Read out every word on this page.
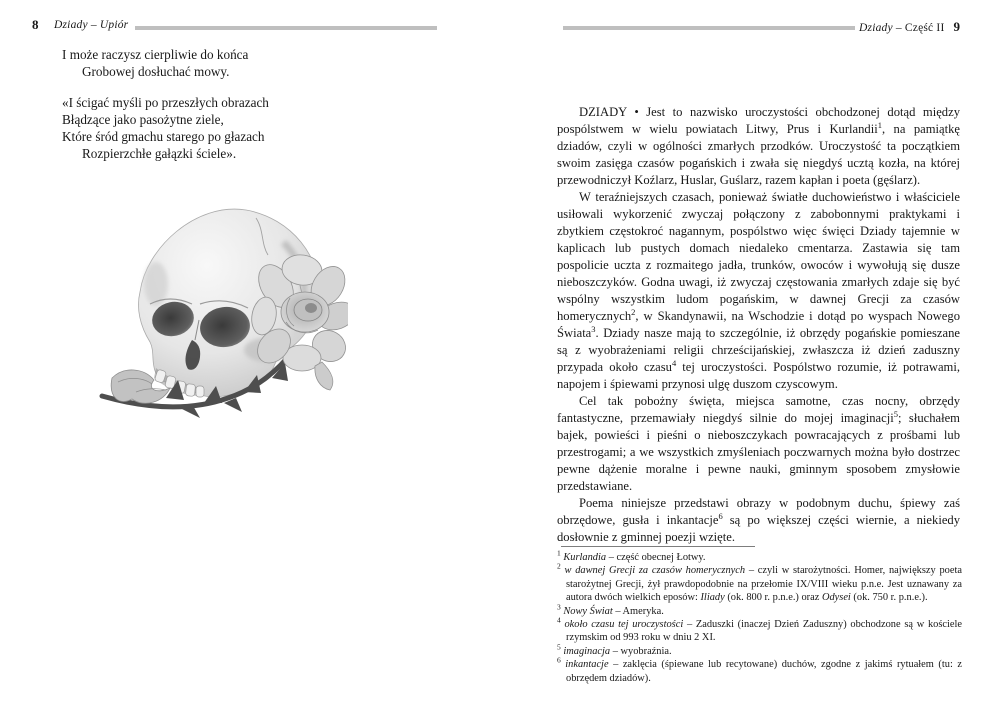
8 Dziady – Upiór
I może raczysz cierpliwie do końca
Grobowej dosłuchać mowy.
«I ścigać myśli po przeszłych obrazach
Błądzące jako pasożytne ziele,
Które śród gmachu starego po głazach
Rozpierzchłe gałązki ściele».
Dziady – Część II 9

DZIADY • Jest to nazwisko uroczystości obchodzonej dotąd między pospólstwem w wielu powiatach Litwy, Prus i Kurlandii$^1$, na pamiątkę dziadów, czyli w ogólności zmarłych przodków. Uroczystość ta początkiem swoim zasięga czasów pogańskich i zwała się niegdyś ucztą kozła, na której przewodniczył Koźlarz, Huslar, Guślarz, razem kapłan i poeta (gęślarz).

W teraźniejszych czasach, ponieważ światłe duchowieństwo i właściciele usiłowali wykorzenić zwyczaj połączony z zabobonnymi praktykami i zbytkiem częstokroć nagannym, pospólstwo więc święci Dziady tajemnie w kaplicach lub pustych domach niedaleko cmentarza. Zastawia się tam pospolicie uczta z rozmaitego jadła, trunków, owoców i wywołują się dusze nieboszczyków. Godna uwagi, iż zwyczaj częstowania zmarłych zdaje się być wspólny wszystkim ludom pogańskim, w dawnej Grecji za czasów homerycznych$^2$, w Skandynawii, na Wschodzie i dotąd po wyspach Nowego Świata$^3$. Dziady nasze mają to szczególnie, iż obrzędy pogańskie pomieszane są z wyobrażeniami religii chrześcijańskiej, zwłaszcza iż dzień zaduszny przypada około czasu$^4$ tej uroczystości. Pospólstwo rozumie, iż potrawami, napojem i śpiewami przynosi ulgę duszom czyscowym.

Cel tak pobożny święta, miejsca samotne, czas nocny, obrzędy fantastyczne, przemawiały niegdyś silnie do mojej imaginacji$^5$; słuchałem bajek, powieści i pieśni o nieboszczykach powracających z prośbami lub przestrogami; a we wszystkich zmyśleniach poczwarnych można było dostrzec pewne dążenie moralne i pewne nauki, gminnym sposobem zmysłowie przedstawiane.

Poema niniejsze przedstawi obrazy w podobnym duchu, śpiewy zaś obrzędowe, gusła i inkantacje$^6$ są po większej części wiernie, a niekiedy dosłownie z gminnej poezji wzięte.

$^1$ Kurlandia – część obecnej Łotwy.
$^2$ w dawnej Grecji za czasów homerycznych – czyli w starożytności. Homer, największy poeta starożytnej Grecji, żył prawdopodobnie na przełomie IX/VIII wieku p.n.e. Jest uznawany za autora dwóch wielkich eposów: Iliady (ok. 800 r. p.n.e.) oraz Odysei (ok. 750 r. p.n.e.).
$^3$ Nowy Świat – Ameryka.
$^4$ około czasu tej uroczystości – Zaduszki (inaczej Dzień Zaduszny) obchodzone są w kościele rzymskim od 993 roku w dniu 2 XI.
$^5$ imaginacja – wyobraźnia.
$^6$ inkantacje – zaklęcia (śpiewane lub recytowane) duchów, zgodne z jakimś rytuałem (tu: z obrzędem dziadów).
